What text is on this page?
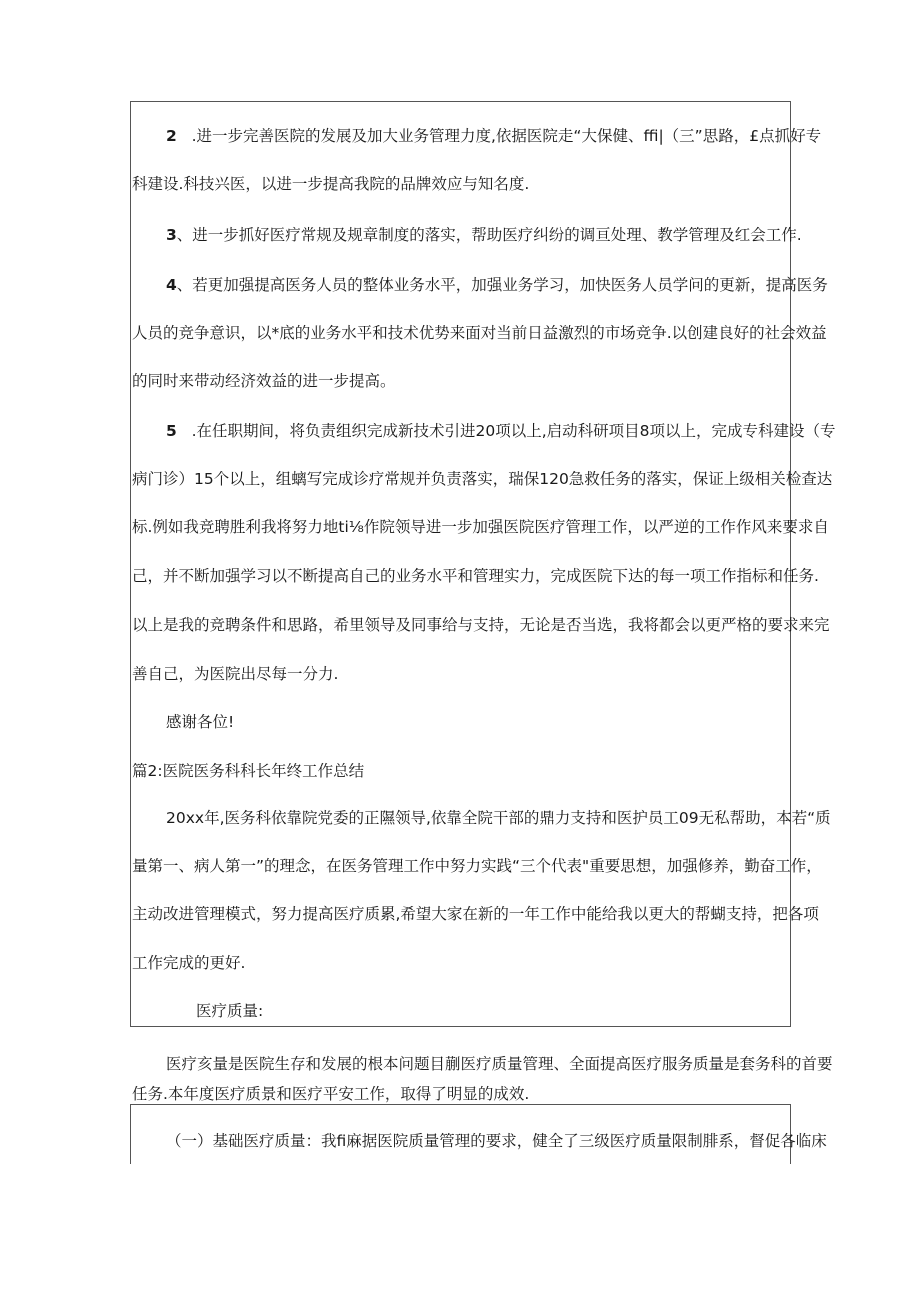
2 .进一步完善医院的发展及加大业务管理力度,依据医院走“大保健、ffi|（三”思路，£点抓好专
科建设.科技兴医，以进一步提高我院的品牌效应与知名度.
3、进一步抓好医疗常规及规章制度的落实，帮助医疗纠纷的调亘处理、教学管理及红会工作.
4、若更加强提高医务人员的整体业务水平，加强业务学习，加快医务人员学问的更新，提高医务
人员的竞争意识，以*底的业务水平和技术优势来面对当前日益激烈的市场竞争.以创建良好的社会效益
的同时来带动经济效益的进一步提高。
5 .在任职期间，将负责组织完成新技术引进20项以上,启动科研项目8项以上，完成专科建设（专
病门诊）15个以上，组螭写完成诊疗常规并负责落实，瑞保120急救任务的落实，保证上级相关检查达
标.例如我竞聘胜利我将努力地ti⅛作院领导进一步加强医院医疗管理工作，以严逆的工作作风来要求自
己，并不断加强学习以不断提高自己的业务水平和管理实力，完成医院下达的每一项工作指标和任务.
以上是我的竞聘条件和思路，希里领导及同事给与支持，无论是否当选，我将都会以更严格的要求来完
善自己，为医院出尽每一分力.
感谢各位!
篇2:医院医务科科长年终工作总结
20xx年,医务科依靠院党委的正隰领导,依靠全院干部的鼎力支持和医护员工09无私帮助，本若“质
量第一、病人第一”的理念，在医务管理工作中努力实践“三个代表"重要思想，加强修养，勤奋工作，
主动改进管理模式，努力提高医疗质累,希望大家在新的一年工作中能给我以更大的帮蝴支持，把各项
工作完成的更好.
医疗质量:
医疗亥量是医院生存和发展的根本问题目蒯医疗质量管理、全面提高医疗服务质量是套务科的首要
任务.本年度医疗质景和医疗平安工作，取得了明显的成效.
（一）基础医疗质量：我fi麻据医院质量管理的要求，健全了三级医疗质量限制腓系，督促各临床
